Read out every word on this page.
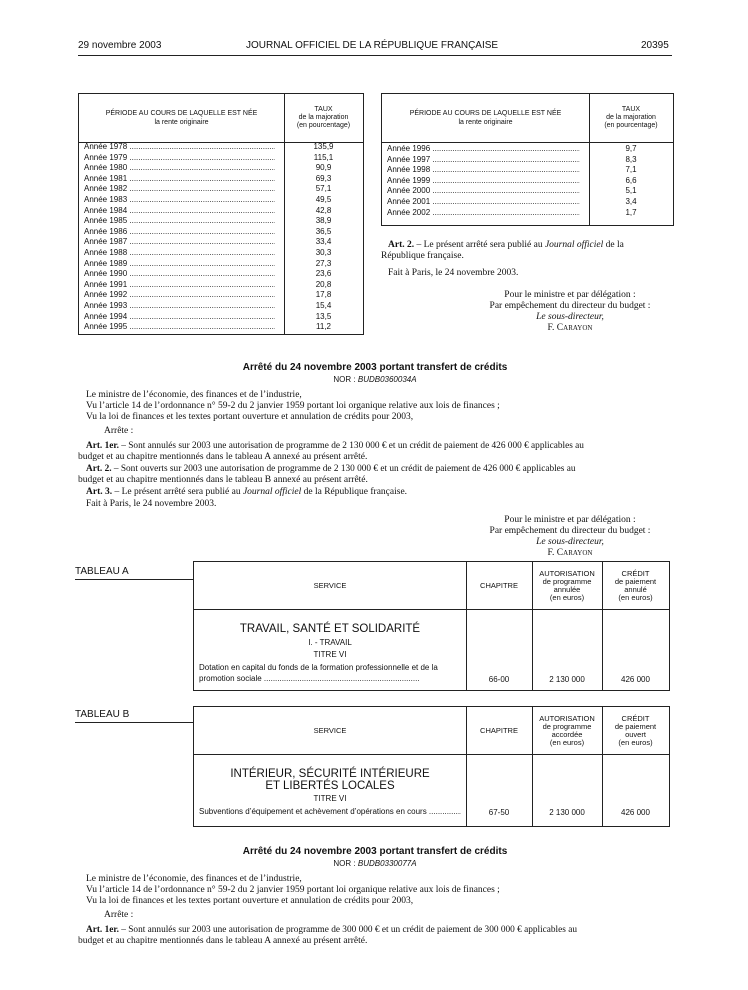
29 novembre 2003	JOURNAL OFFICIEL DE LA RÉPUBLIQUE FRANÇAISE	20395
PÉRIODE AU COURS DE LAQUELLE EST NÉE
la rente originaire
TAUX
de la majoration
(en pourcentage)
Année 1978 .....	135,9
Année 1979 .....	115,1
Année 1980 .....	90,9
Année 1981 .....	69,3
Année 1982 .....	57,1
Année 1983 .....	49,5
Année 1984 .....	42,8
Année 1985 .....	38,9
Année 1986 .....	36,5
Année 1987 .....	33,4
Année 1988 .....	30,3
Année 1989 .....	27,3
Année 1990 .....	23,6
Année 1991 .....	20,8
Année 1992 .....	17,8
Année 1993 .....	15,4
Année 1994 .....	13,5
Année 1995 .....	11,2
PÉRIODE AU COURS DE LAQUELLE EST NÉE
la rente originaire
TAUX
de la majoration
(en pourcentage)
Année 1996 .....	9,7
Année 1997 .....	8,3
Année 1998 .....	7,1
Année 1999 .....	6,6
Année 2000 .....	5,1
Année 2001 .....	3,4
Année 2002 .....	1,7
Art. 2. – Le présent arrêté sera publié au Journal officiel de la
République française.
Fait à Paris, le 24 novembre 2003.
Pour le ministre et par délégation :
Par empêchement du directeur du budget :
Le sous-directeur,
F. Carayon
Arrêté du 24 novembre 2003 portant transfert de crédits
NOR : BUDB0360034A
Le ministre de l’économie, des finances et de l’industrie,
Vu l’article 14 de l’ordonnance n° 59-2 du 2 janvier 1959 portant loi organique relative aux lois de finances ;
Vu la loi de finances et les textes portant ouverture et annulation de crédits pour 2003,
Arrête :
Art. 1er. – Sont annulés sur 2003 une autorisation de programme de 2 130 000 € et un crédit de paiement de 426 000 € applicables au
budget et au chapitre mentionnés dans le tableau A annexé au présent arrêté.
Art. 2. – Sont ouverts sur 2003 une autorisation de programme de 2 130 000 € et un crédit de paiement de 426 000 € applicables au
budget et au chapitre mentionnés dans le tableau B annexé au présent arrêté.
Art. 3. – Le présent arrêté sera publié au Journal officiel de la République française.
Fait à Paris, le 24 novembre 2003.
Pour le ministre et par délégation :
Par empêchement du directeur du budget :
Le sous-directeur,
F. Carayon
TABLEAU A
SERVICE	CHAPITRE
AUTORISATION
de programme
annulée
(en euros)
CRÉDIT
de paiement
annulé
(en euros)
TRAVAIL, SANTÉ ET SOLIDARITÉ
I. - TRAVAIL
TITRE VI
Dotation en capital du fonds de la formation professionnelle et de la
promotion sociale .....	66-00	2 130 000	426 000
TABLEAU B
SERVICE	CHAPITRE
AUTORISATION
de programme
accordée
(en euros)
CRÉDIT
de paiement
ouvert
(en euros)
INTÉRIEUR, SÉCURITÉ INTÉRIEURE
ET LIBERTÉS LOCALES
TITRE VI
Subventions d’équipement et achèvement d’opérations en cours .....	67-50	2 130 000	426 000
Arrêté du 24 novembre 2003 portant transfert de crédits
NOR : BUDB0330077A
Le ministre de l’économie, des finances et de l’industrie,
Vu l’article 14 de l’ordonnance n° 59-2 du 2 janvier 1959 portant loi organique relative aux lois de finances ;
Vu la loi de finances et les textes portant ouverture et annulation de crédits pour 2003,
Arrête :
Art. 1er. – Sont annulés sur 2003 une autorisation de programme de 300 000 € et un crédit de paiement de 300 000 € applicables au
budget et au chapitre mentionnés dans le tableau A annexé au présent arrêté.
